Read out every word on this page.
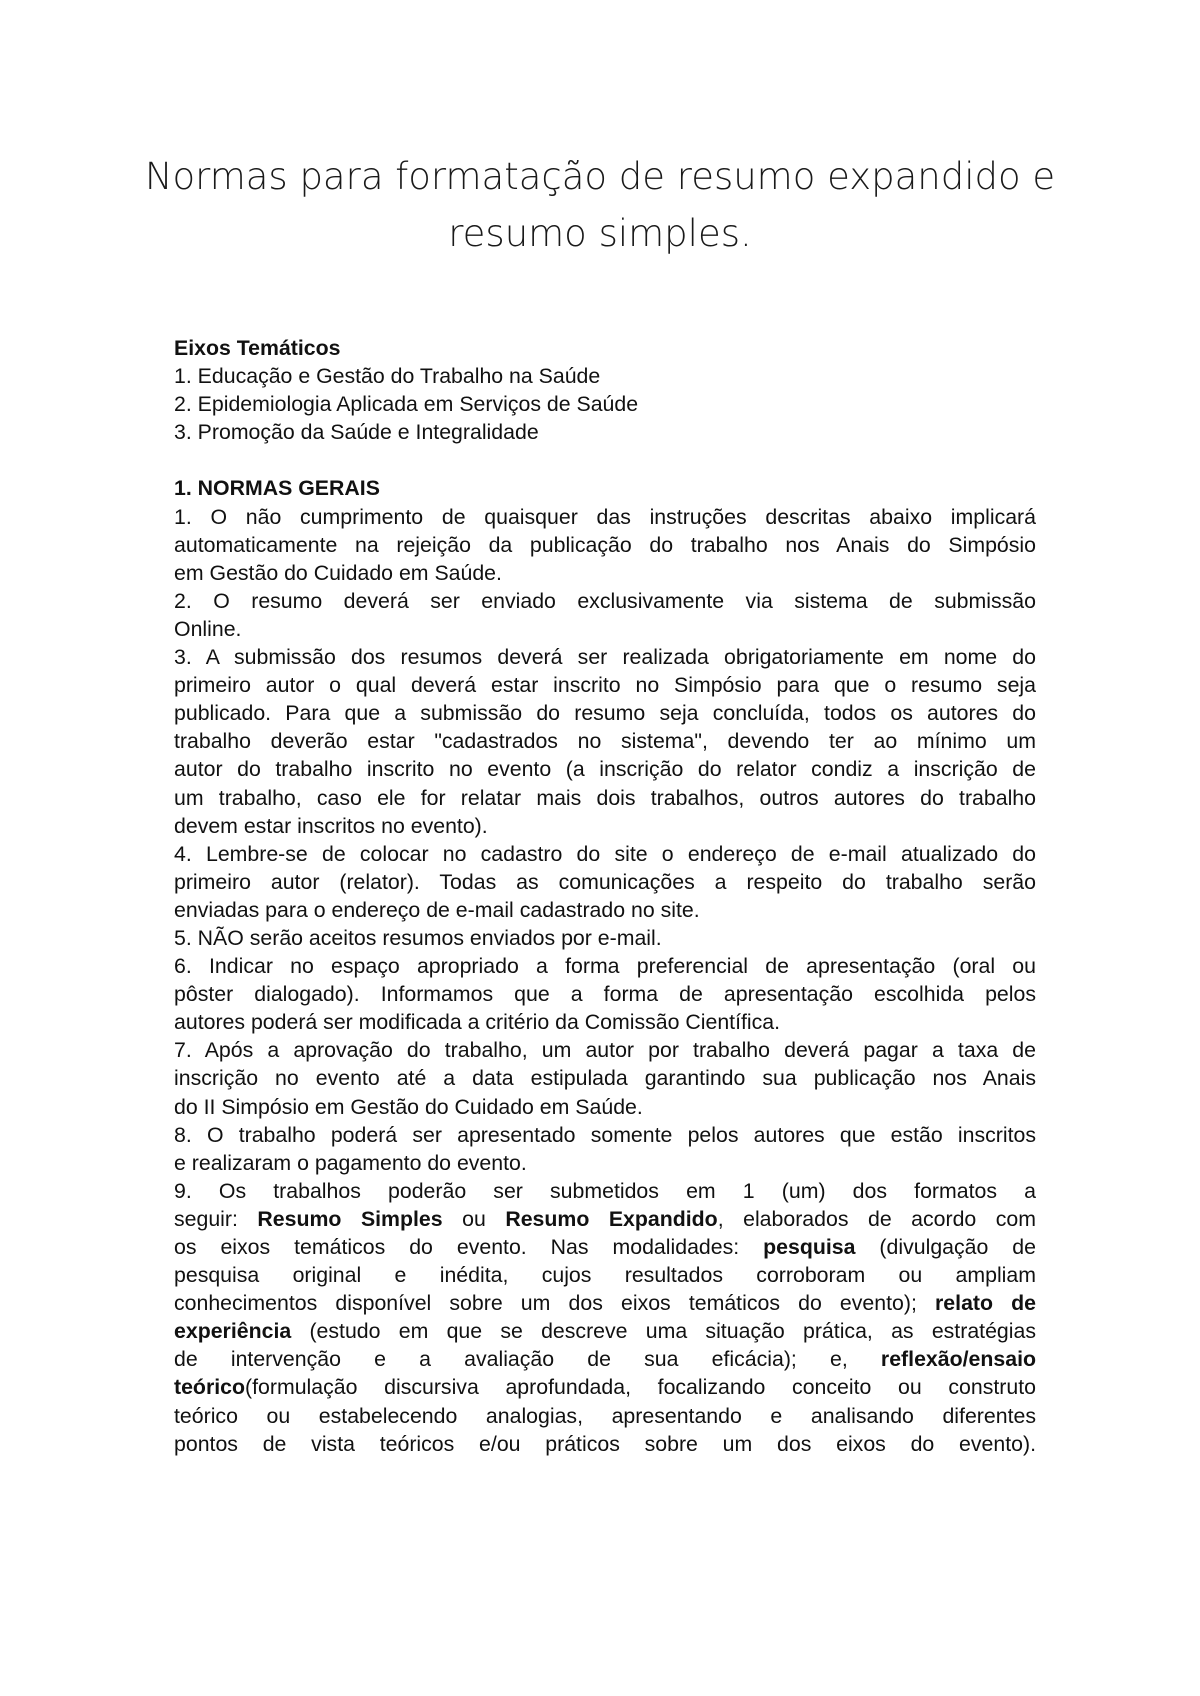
Normas para formatação de resumo expandido e
resumo simples.
Eixos Temáticos
1. Educação e Gestão do Trabalho na Saúde
2. Epidemiologia Aplicada em Serviços de Saúde
3. Promoção da Saúde e Integralidade
1. NORMAS GERAIS
1. O não cumprimento de quaisquer das instruções descritas abaixo implicará
automaticamente na rejeição da publicação do trabalho nos Anais do Simpósio
em Gestão do Cuidado em Saúde.
2. O resumo deverá ser enviado exclusivamente via sistema de submissão
Online.
3. A submissão dos resumos deverá ser realizada obrigatoriamente em nome do
primeiro autor o qual deverá estar inscrito no Simpósio para que o resumo seja
publicado. Para que a submissão do resumo seja concluída, todos os autores do
trabalho deverão estar "cadastrados no sistema", devendo ter ao mínimo um
autor do trabalho inscrito no evento (a inscrição do relator condiz a inscrição de
um trabalho, caso ele for relatar mais dois trabalhos, outros autores do trabalho
devem estar inscritos no evento).
4. Lembre-se de colocar no cadastro do site o endereço de e-mail atualizado do
primeiro autor (relator). Todas as comunicações a respeito do trabalho serão
enviadas para o endereço de e-mail cadastrado no site.
5. NÃO serão aceitos resumos enviados por e-mail.
6. Indicar no espaço apropriado a forma preferencial de apresentação (oral ou
pôster dialogado). Informamos que a forma de apresentação escolhida pelos
autores poderá ser modificada a critério da Comissão Científica.
7. Após a aprovação do trabalho, um autor por trabalho deverá pagar a taxa de
inscrição no evento até a data estipulada garantindo sua publicação nos Anais
do II Simpósio em Gestão do Cuidado em Saúde.
8. O trabalho poderá ser apresentado somente pelos autores que estão inscritos
e realizaram o pagamento do evento.
9. Os trabalhos poderão ser submetidos em 1 (um) dos formatos a
seguir: Resumo Simples ou Resumo Expandido, elaborados de acordo com
os eixos temáticos do evento. Nas modalidades: pesquisa (divulgação de
pesquisa original e inédita, cujos resultados corroboram ou ampliam
conhecimentos disponível sobre um dos eixos temáticos do evento); relato de
experiência (estudo em que se descreve uma situação prática, as estratégias
de intervenção e a avaliação de sua eficácia); e, reflexão/ensaio
teórico(formulação discursiva aprofundada, focalizando conceito ou construto
teórico ou estabelecendo analogias, apresentando e analisando diferentes
pontos de vista teóricos e/ou práticos sobre um dos eixos do evento).
